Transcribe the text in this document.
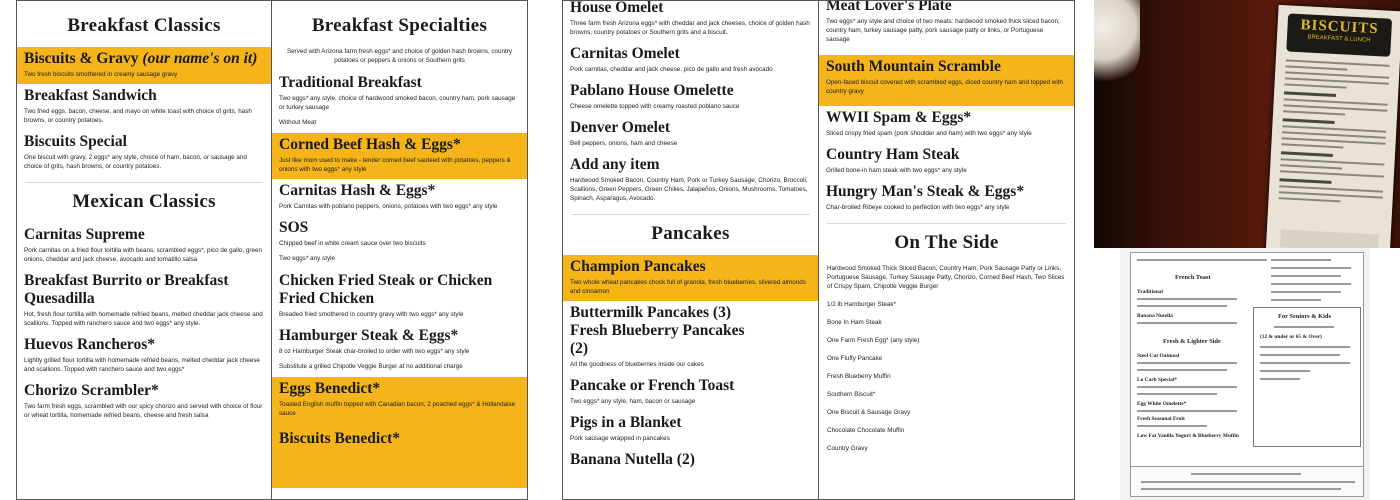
Breakfast Classics
Biscuits & Gravy (our name's on it)
Two fresh biscuits smothered in creamy sausage gravy
Breakfast Sandwich
Two fried eggs, bacon, cheese, and mayo on white toast with choice of grits, hash browns, or country potatoes.
Biscuits Special
One biscuit with gravy, 2 eggs* any style, choice of ham, bacon, or sausage and choice of grits, hash browns, or country potatoes.
Mexican Classics
Carnitas Supreme
Pork carnitas on a fried flour tortilla with beans, scrambled eggs*, pico de gallo, green onions, cheddar and jack cheese, avocado and tomatillo salsa
Breakfast Burrito or Breakfast Quesadilla
Hot, fresh flour tortilla with homemade refried beans, melted cheddar jack cheese and scallions. Topped with ranchero sauce and two eggs* any style.
Huevos Rancheros*
Lightly grilled flour tortilla with homemade refried beans, melted cheddar jack cheese and scallions. Topped with ranchero sauce and two eggs*
Chorizo Scrambler*
Two farm fresh eggs, scrambled with our spicy chorizo and served with choice of flour or wheat tortilla, homemade refried beans, cheese and fresh salsa
Breakfast Specialties
Served with Arizona farm fresh eggs* and choice of golden hash browns, country potatoes or peppers & onions or Southern grits
Traditional Breakfast
Two eggs* any style, choice of hardwood smoked bacon, country ham, pork sausage or turkey sausage
Without Meat
Corned Beef Hash & Eggs*
Just like mom used to make - tender corned beef sauteed with potatoes, peppers & onions with two eggs* any style
Carnitas Hash & Eggs*
Pork Carnitas with poblano peppers, onions, potatoes with two eggs* any style
SOS
Chipped beef in white cream sauce over two biscuits
Two eggs* any style
Chicken Fried Steak or Chicken Fried Chicken
Breaded fried smothered in country gravy with two eggs* any style
Hamburger Steak & Eggs*
8 oz Hamburger Steak char-broiled to order with two eggs* any style
Substitute a grilled Chipotle Veggie Burger at no additional charge
Eggs Benedict*
Toasted English muffin topped with Canadian bacon, 2 poached eggs* & Hollandaise sauce
Biscuits Benedict*
House Omelet
Three farm fresh Arizona eggs* with cheddar and jack cheeses, choice of golden hash browns, country potatoes or Southern grits and a biscuit.
Carnitas Omelet
Pork carnitas, cheddar and jack cheese, pico de gallo and fresh avocado
Pablano House Omelette
Cheese omelette topped with creamy roasted poblano sauce
Denver Omelet
Bell peppers, onions, ham and cheese
Add any item
Hardwood Smoked Bacon, Country Ham, Pork or Turkey Sausage, Chorizo, Broccoli, Scallions, Green Peppers, Green Chilies, Jalapeños, Onions, Mushrooms, Tomatoes, Spinach, Asparagus, Avocado.
Pancakes
Champion Pancakes
Two whole wheat pancakes chock full of granola, fresh blueberries, slivered almonds and cinnamon
Buttermilk Pancakes (3) Fresh Blueberry Pancakes (2)
All the goodness of blueberries inside our cakes
Pancake or French Toast
Two eggs* any style, ham, bacon or sausage
Pigs in a Blanket
Pork sausage wrapped in pancakes
Banana Nutella (2)
Meat Lover's Plate
Two eggs* any style and choice of two meats: hardwood smoked thick sliced bacon, country ham, turkey sausage patty, pork sausage patty or links, or Portuguese sausage
South Mountain Scramble
Open-faced biscuit covered with scrambled eggs, diced country ham and topped with country gravy
WWII Spam & Eggs*
Sliced crispy fried spam (pork shoulder and ham) with two eggs* any style
Country Ham Steak
Grilled bone-in ham steak with two eggs* any style
Hungry Man's Steak & Eggs*
Char-broiled Ribeye cooked to perfection with two eggs* any style
On The Side
Hardwood Smoked Thick Sliced Bacon, Country Ham, Pork Sausage Patty or Links, Portuguese Sausage, Turkey Sausage Patty, Chorizo, Corned Beef Hash, Two Slices of Crispy Spam, Chipotle Veggie Burger
1/2 lb Hamburger Steak*
Bone In Ham Steak
One Farm Fresh Egg* (any style)
One Fluffy Pancake
Fresh Blueberry Muffin
Southern Biscuit*
One Biscuit & Sausage Gravy
Chocolate Chocolate Muffin
Country Gravy
BISCUITS
BREAKFAST & LUNCH
French Toast
Traditional
Banana Nutella
Fresh & Lighter Side
Steel Cut Oatmeal
Lo Carb Special*
Egg White Omelette*
Fresh Seasonal Fruit
Low Fat Vanilla Yogurt & Blueberry Muffin
For Seniors & Kids
(12 & under or 65 & Over)
